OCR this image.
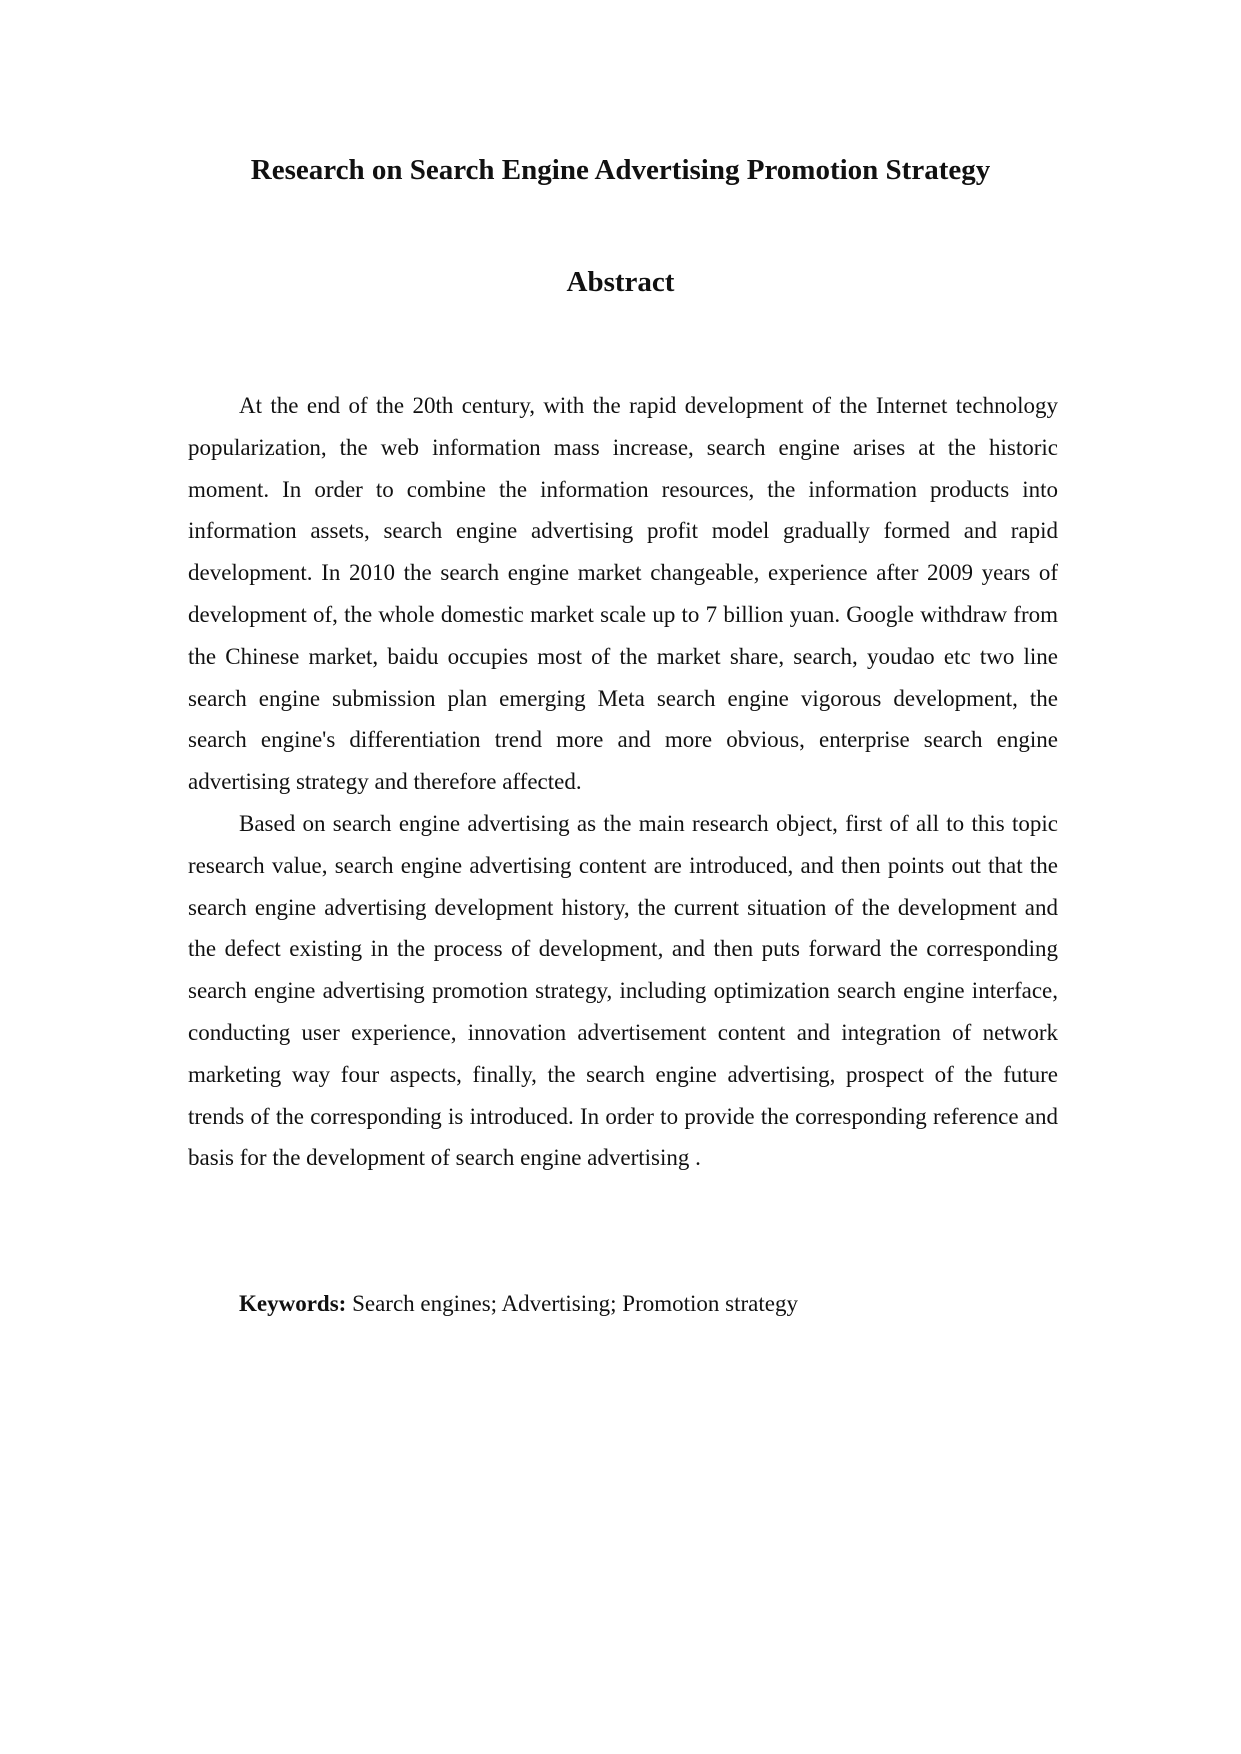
Research on Search Engine Advertising Promotion Strategy
Abstract

At the end of the 20th century, with the rapid development of the Internet technology popularization, the web information mass increase, search engine arises at the historic moment. In order to combine the information resources, the information products into information assets, search engine advertising profit model gradually formed and rapid development. In 2010 the search engine market changeable, experience after 2009 years of development of, the whole domestic market scale up to 7 billion yuan. Google withdraw from the Chinese market, baidu occupies most of the market share, search, youdao etc two line search engine submission plan emerging Meta search engine vigorous development, the search engine's differentiation trend more and more obvious, enterprise search engine advertising strategy and therefore affected.

Based on search engine advertising as the main research object, first of all to this topic research value, search engine advertising content are introduced, and then points out that the search engine advertising development history, the current situation of the development and the defect existing in the process of development, and then puts forward the corresponding search engine advertising promotion strategy, including optimization search engine interface, conducting user experience, innovation advertisement content and integration of network marketing way four aspects, finally, the search engine advertising, prospect of the future trends of the corresponding is introduced. In order to provide the corresponding reference and basis for the development of search engine advertising .

Keywords: Search engines; Advertising; Promotion strategy
